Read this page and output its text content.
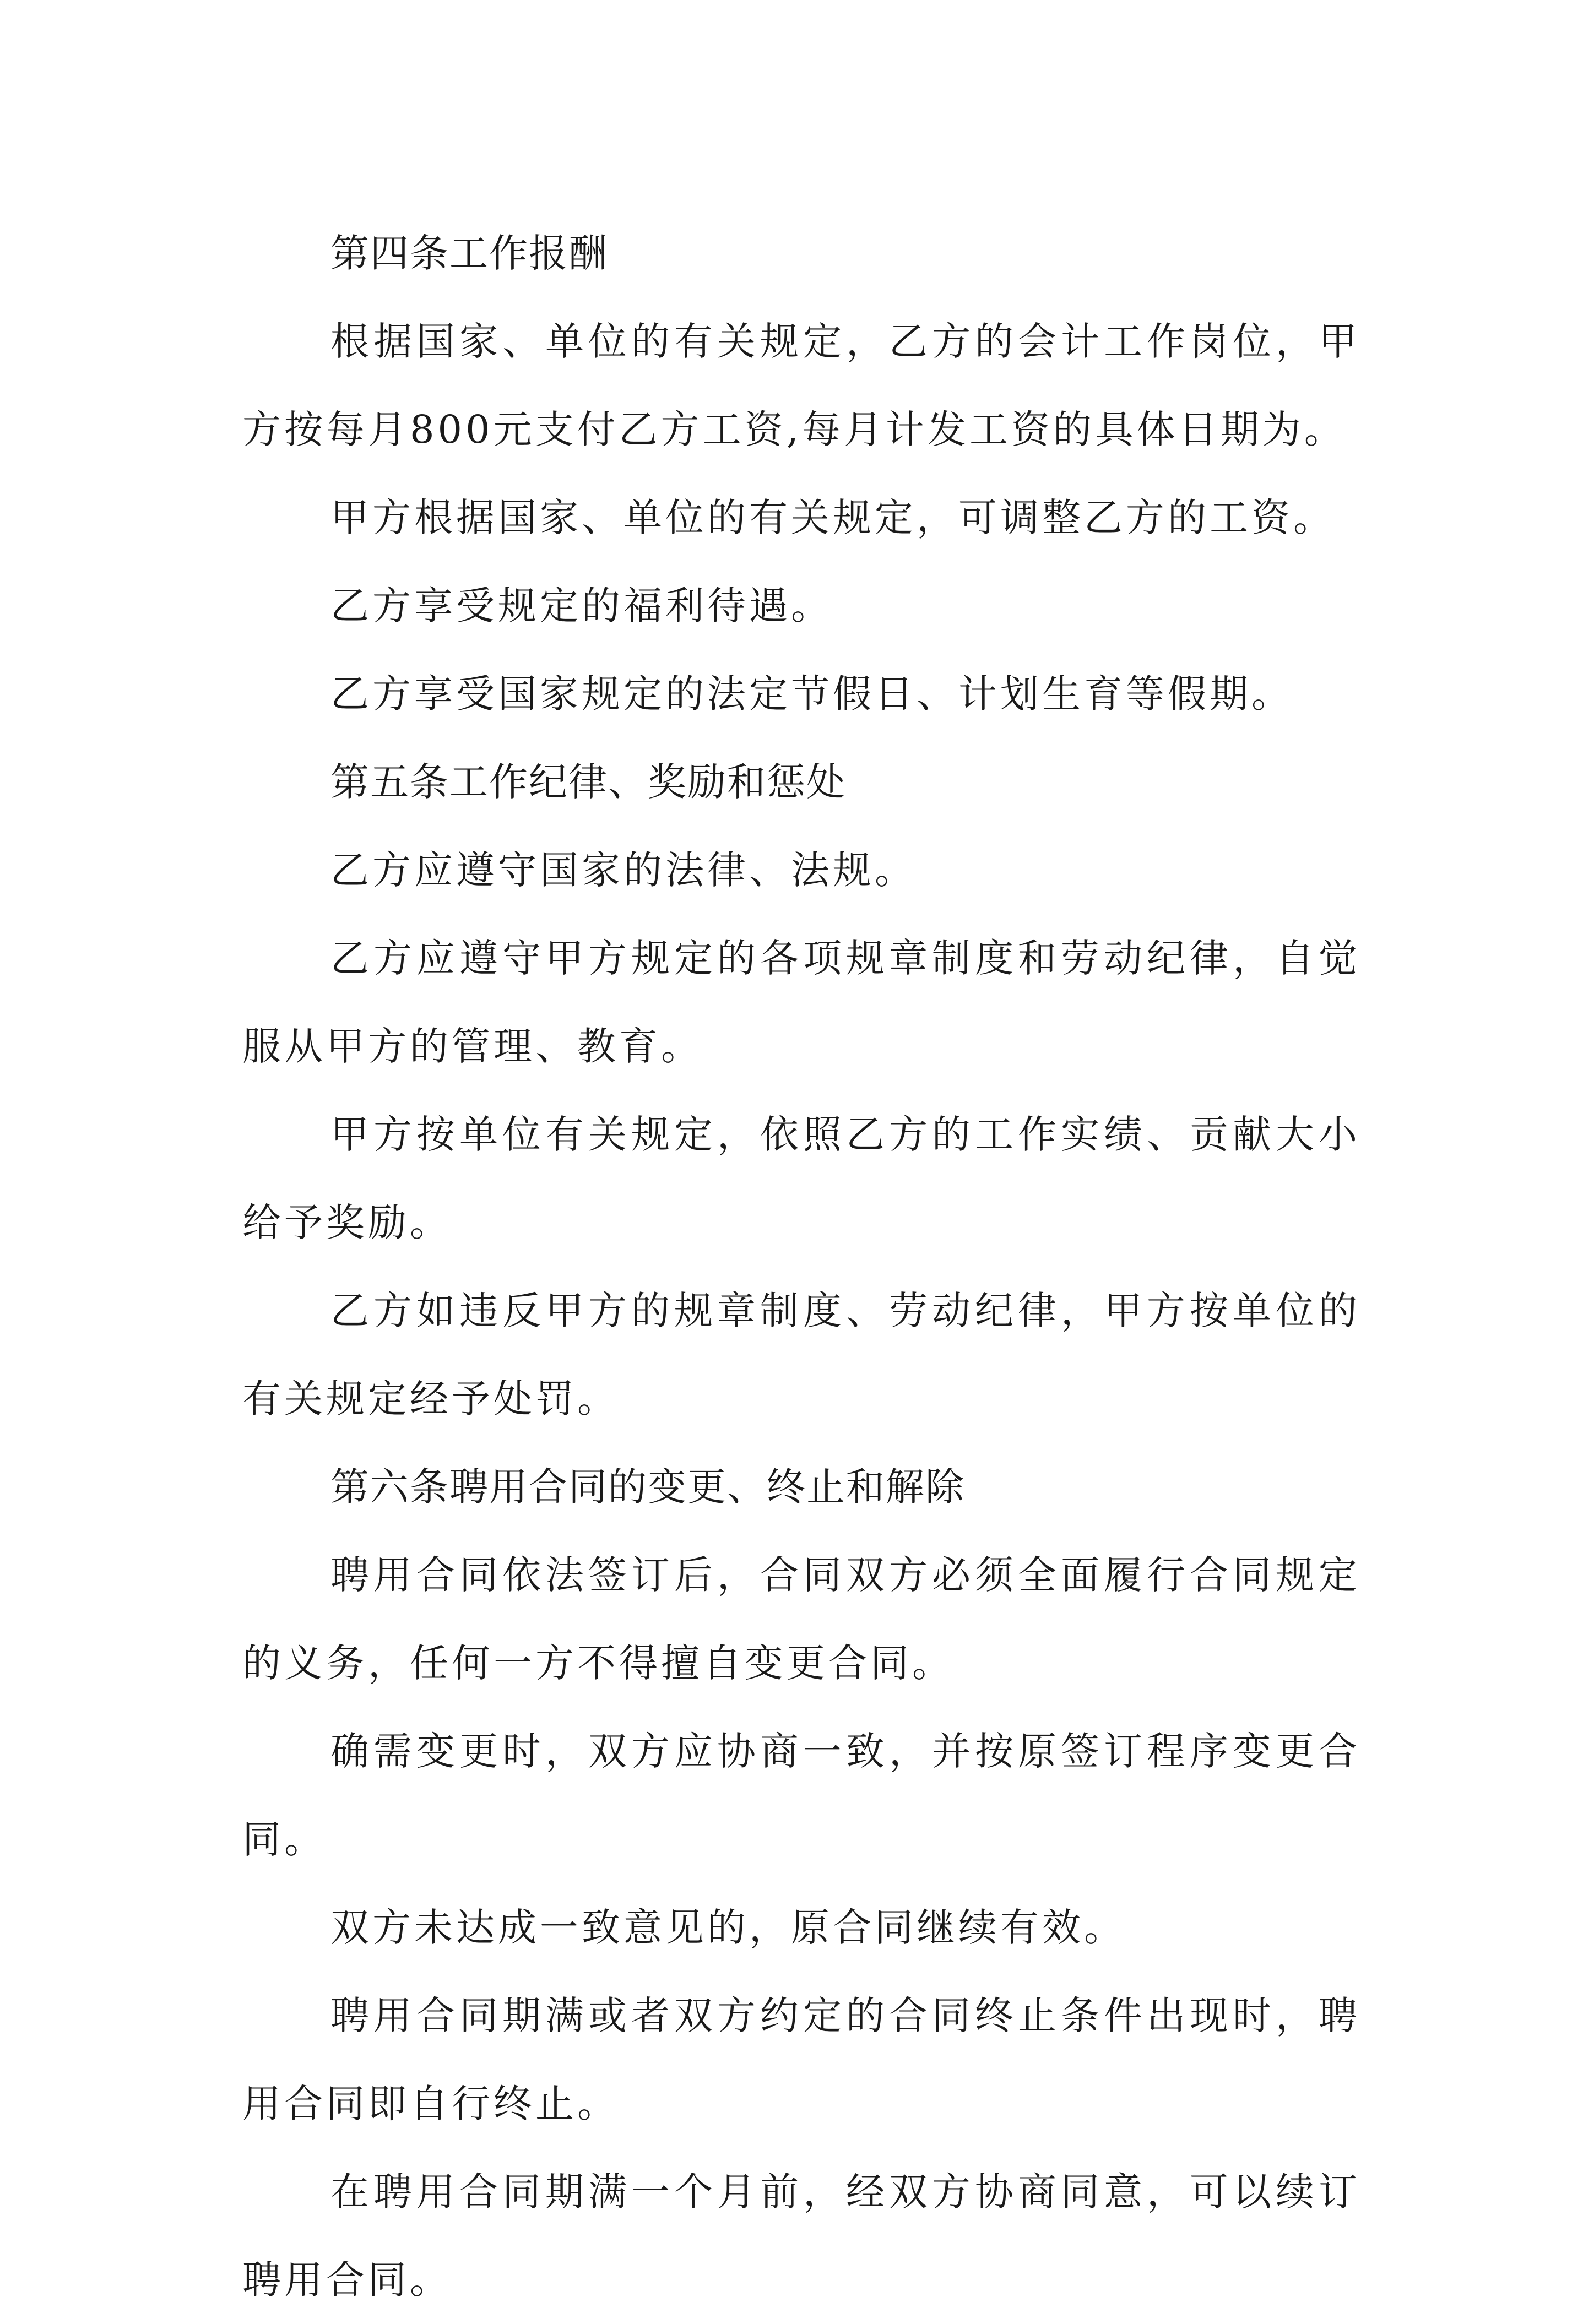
第四条工作报酬

根据国家、单位的有关规定，乙方的会计工作岗位，甲方按每月800元支付乙方工资,每月计发工资的具体日期为。

甲方根据国家、单位的有关规定，可调整乙方的工资。

乙方享受规定的福利待遇。

乙方享受国家规定的法定节假日、计划生育等假期。

第五条工作纪律、奖励和惩处

乙方应遵守国家的法律、法规。

乙方应遵守甲方规定的各项规章制度和劳动纪律，自觉服从甲方的管理、教育。

甲方按单位有关规定，依照乙方的工作实绩、贡献大小给予奖励。

乙方如违反甲方的规章制度、劳动纪律，甲方按单位的有关规定经予处罚。

第六条聘用合同的变更、终止和解除

聘用合同依法签订后，合同双方必须全面履行合同规定的义务，任何一方不得擅自变更合同。

确需变更时，双方应协商一致，并按原签订程序变更合同。

双方未达成一致意见的，原合同继续有效。

聘用合同期满或者双方约定的合同终止条件出现时，聘用合同即自行终止。

在聘用合同期满一个月前，经双方协商同意，可以续订聘用合同。
